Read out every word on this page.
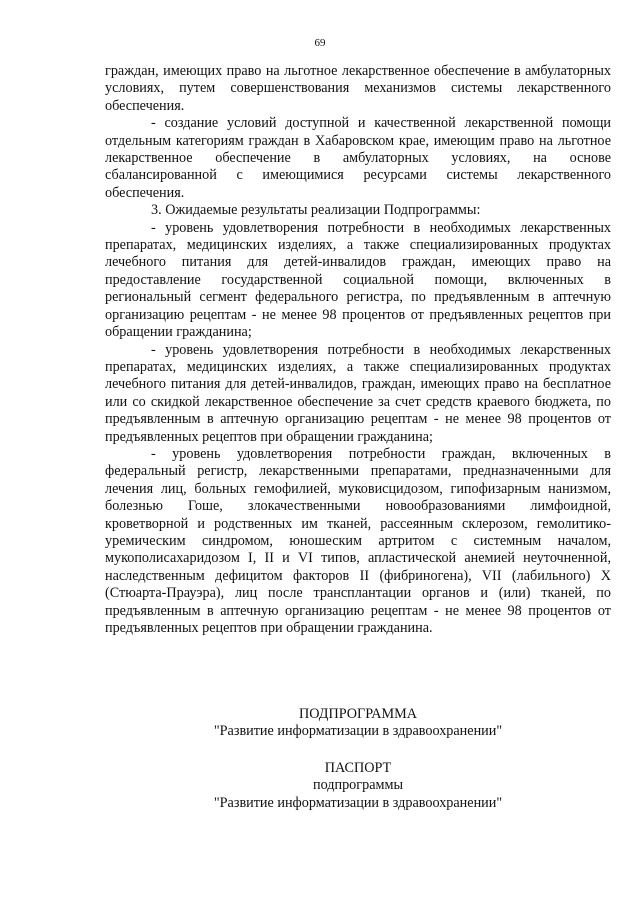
69

граждан, имеющих право на льготное лекарственное обеспечение в амбулаторных условиях, путем совершенствования механизмов системы лекарственного обеспечения.

- создание условий доступной и качественной лекарственной помощи отдельным категориям граждан в Хабаровском крае, имеющим право на льготное лекарственное обеспечение в амбулаторных условиях, на основе сбалансированной с имеющимися ресурсами системы лекарственного обеспечения.

3. Ожидаемые результаты реализации Подпрограммы:

- уровень удовлетворения потребности в необходимых лекарственных препаратах, медицинских изделиях, а также специализированных продуктах лечебного питания для детей-инвалидов граждан, имеющих право на предоставление государственной социальной помощи, включенных в региональный сегмент федерального регистра, по предъявленным в аптечную организацию рецептам - не менее 98 процентов от предъявленных рецептов при обращении гражданина;

- уровень удовлетворения потребности в необходимых лекарственных препаратах, медицинских изделиях, а также специализированных продуктах лечебного питания для детей-инвалидов, граждан, имеющих право на бесплатное или со скидкой лекарственное обеспечение за счет средств краевого бюджета, по предъявленным в аптечную организацию рецептам - не менее 98 процентов от предъявленных рецептов при обращении гражданина;

- уровень удовлетворения потребности граждан, включенных в федеральный регистр, лекарственными препаратами, предназначенными для лечения лиц, больных гемофилией, муковисцидозом, гипофизарным нанизмом, болезнью Гоше, злокачественными новообразованиями лимфоидной, кроветворной и родственных им тканей, рассеянным склерозом, гемолитико-уремическим синдромом, юношеским артритом с системным началом, мукополисахаридозом I, II и VI типов, апластической анемией неуточненной, наследственным дефицитом факторов II (фибриногена), VII (лабильного) X (Стюарта-Прауэра), лиц после трансплантации органов и (или) тканей, по предъявленным в аптечную организацию рецептам - не менее 98 процентов от предъявленных рецептов при обращении гражданина.

ПОДПРОГРАММА
"Развитие информатизации в здравоохранении"
ПАСПОРТ
подпрограммы
"Развитие информатизации в здравоохранении"
